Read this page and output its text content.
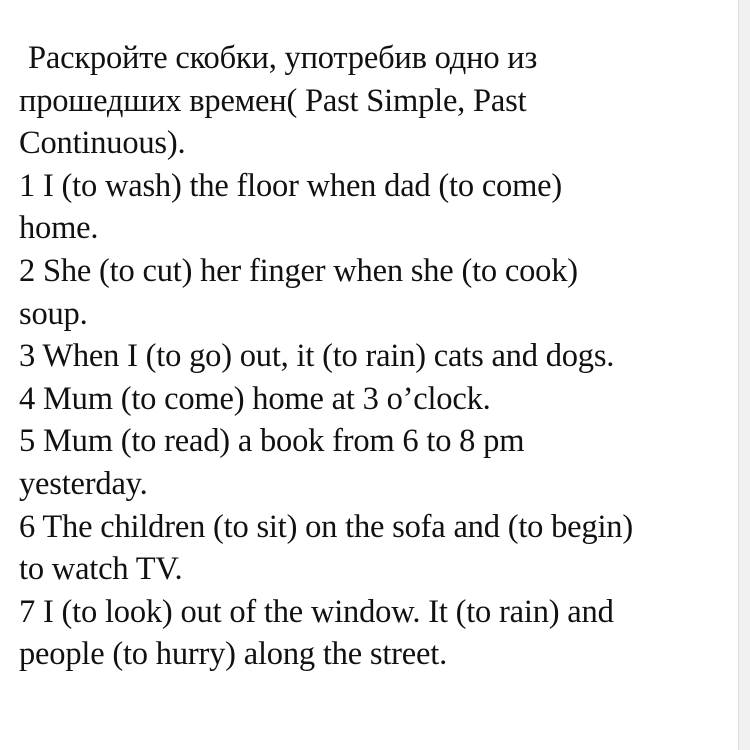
Раскройте скобки, употребив одно из
прошедших времен( Past Simple, Past
Continuous).
1 I (to wash) the floor when dad (to come)
home.
2 She (to cut) her finger when she (to cook)
soup.
3 When I (to go) out, it (to rain) cats and dogs.
4 Mum (to come) home at 3 o’clock.
5 Mum (to read) a book from 6 to 8 pm
yesterday.
6 The children (to sit) on the sofa and (to begin)
to watch TV.
7 I (to look) out of the window. It (to rain) and
people (to hurry) along the street.
